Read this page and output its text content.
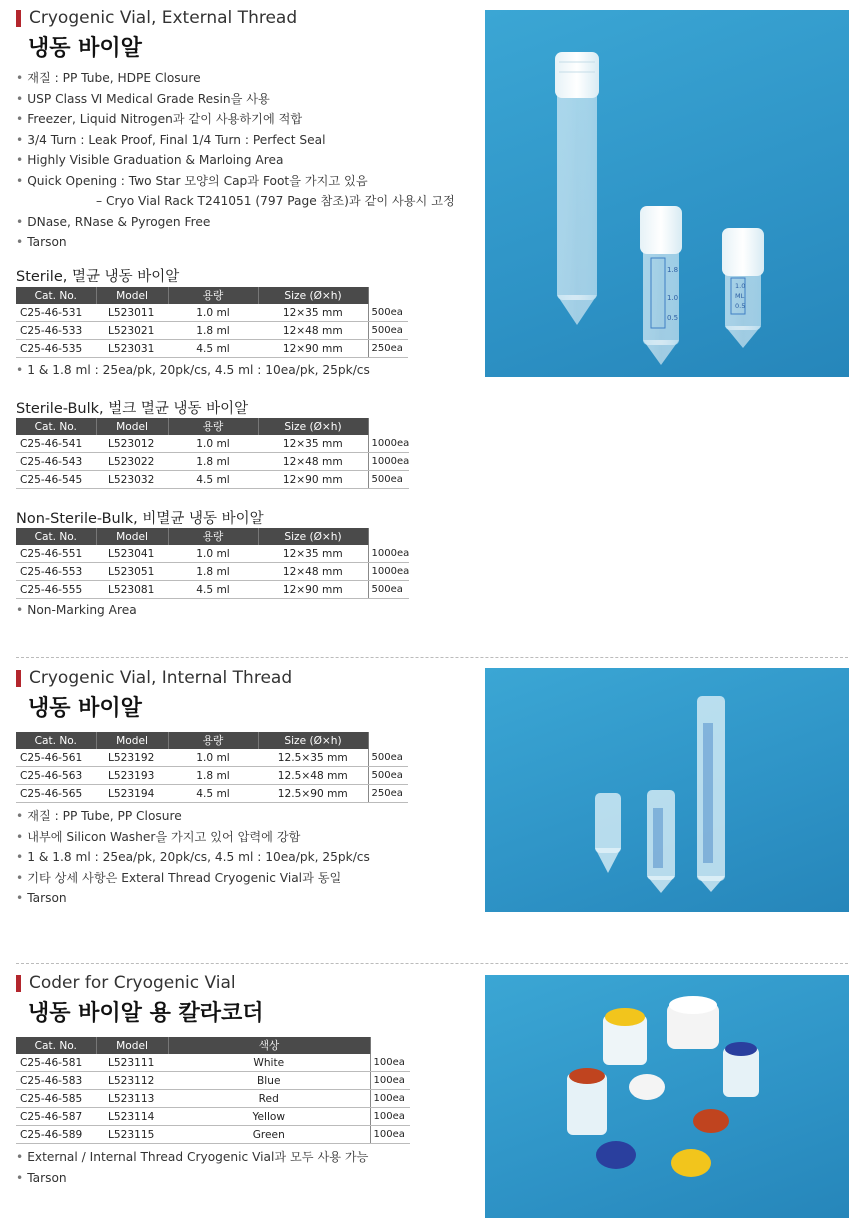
Cryogenic Vial, External Thread
냉동 바이알
• 재질 : PP Tube, HDPE Closure
• USP Class Ⅵ Medical Grade Resin을 사용
• Freezer, Liquid Nitrogen과 같이 사용하기에 적합
• 3/4 Turn : Leak Proof, Final 1/4 Turn : Perfect Seal
• Highly Visible Graduation & Marloing Area
• Quick Opening : Two Star 모양의 Cap과 Foot을 가지고 있음
– Cryo Vial Rack T241051 (797 Page 참조)과 같이 사용시 고정
• DNase, RNase & Pyrogen Free
• Tarson
Sterile, 멸균 냉동 바이알
Cat. No.	Model	용량	Size (Ø×h)	
C25-46-531	L523011	1.0 ml	12×35 mm	500ea
C25-46-533	L523021	1.8 ml	12×48 mm	500ea
C25-46-535	L523031	4.5 ml	12×90 mm	250ea
• 1 & 1.8 ml : 25ea/pk, 20pk/cs, 4.5 ml : 10ea/pk, 25pk/cs
Sterile-Bulk, 벌크 멸균 냉동 바이알
Cat. No.	Model	용량	Size (Ø×h)	
C25-46-541	L523012	1.0 ml	12×35 mm	1000ea
C25-46-543	L523022	1.8 ml	12×48 mm	1000ea
C25-46-545	L523032	4.5 ml	12×90 mm	500ea
Non-Sterile-Bulk, 비멸균 냉동 바이알
Cat. No.	Model	용량	Size (Ø×h)	
C25-46-551	L523041	1.0 ml	12×35 mm	1000ea
C25-46-553	L523051	1.8 ml	12×48 mm	1000ea
C25-46-555	L523081	4.5 ml	12×90 mm	500ea
• Non-Marking Area
1.8
1.0
0.5
1.0
ML
0.5
Cryogenic Vial, Internal Thread
냉동 바이알
Cat. No.	Model	용량	Size (Ø×h)	
C25-46-561	L523192	1.0 ml	12.5×35 mm	500ea
C25-46-563	L523193	1.8 ml	12.5×48 mm	500ea
C25-46-565	L523194	4.5 ml	12.5×90 mm	250ea
• 재질 : PP Tube, PP Closure
• 내부에 Silicon Washer을 가지고 있어 압력에 강함
• 1 & 1.8 ml : 25ea/pk, 20pk/cs, 4.5 ml : 10ea/pk, 25pk/cs
• 기타 상세 사항은 Exteral Thread Cryogenic Vial과 동일
• Tarson
Coder for Cryogenic Vial
냉동 바이알 용 칼라코더
Cat. No.	Model	색상	
C25-46-581	L523111	White	100ea
C25-46-583	L523112	Blue	100ea
C25-46-585	L523113	Red	100ea
C25-46-587	L523114	Yellow	100ea
C25-46-589	L523115	Green	100ea
• External / Internal Thread Cryogenic Vial과 모두 사용 가능
• Tarson
